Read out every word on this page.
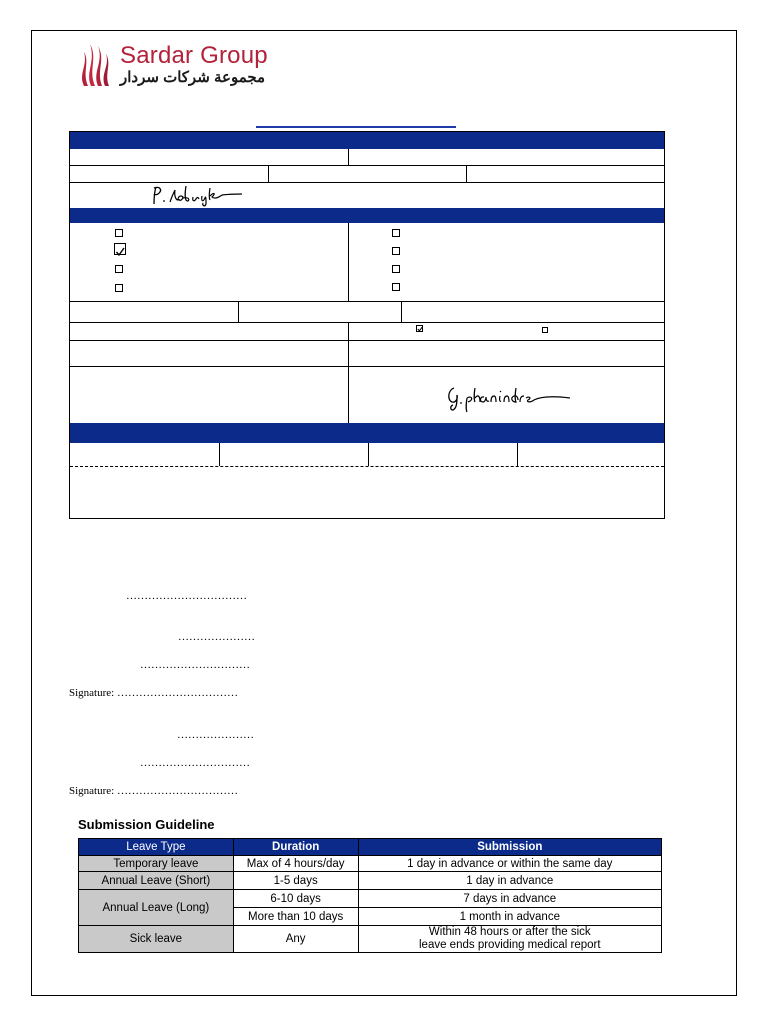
Sardar Group
مجموعة شركات سردار
……………………………
…………………
…………………………
Signature: ……………………………
…………………
…………………………
Signature: ……………………………
Submission Guideline
Leave Type	Duration	Submission
Temporary leave	Max of 4 hours/day	1 day in advance or within the same day
Annual Leave (Short)	1-5 days	1 day in advance
Annual Leave (Long)	6-10 days	7 days in advance
	More than 10 days	1 month in advance
Sick leave	Any	Within 48 hours or after the sick
leave ends providing medical report
